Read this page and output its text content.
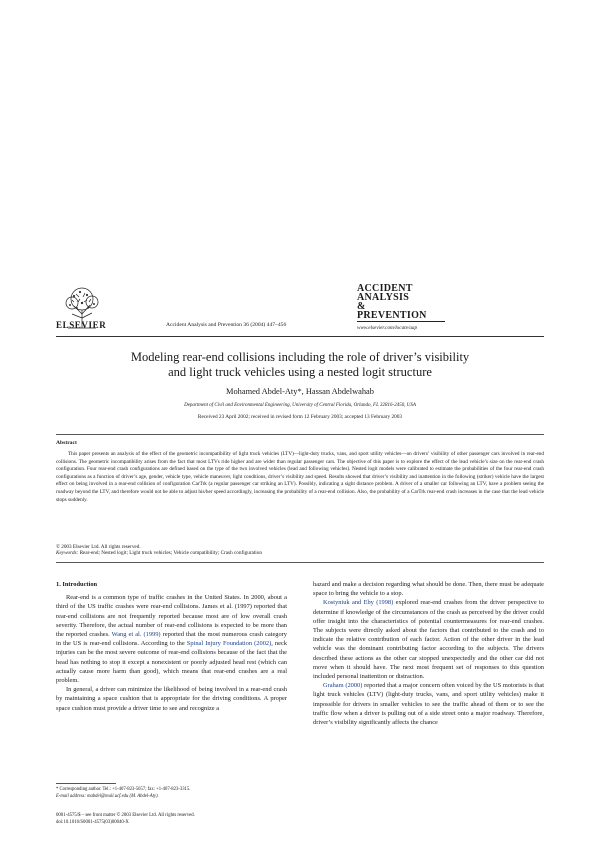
ELSEVIER	Accident Analysis and Prevention 36 (2004) 447–456
ACCIDENT
ANALYSIS
&
PREVENTION
www.elsevier.com/locate/aap
Modeling rear-end collisions including the role of driver’s visibility
and light truck vehicles using a nested logit structure
Mohamed Abdel-Aty*, Hassan Abdelwahab
Department of Civil and Environmental Engineering, University of Central Florida, Orlando, FL 32816-2450, USA
Received 23 April 2002; received in revised form 12 February 2003; accepted 13 February 2003
Abstract
This paper presents an analysis of the effect of the geometric incompatibility of light truck vehicles (LTV)—light-duty trucks, vans, and sport utility vehicles—on drivers’ visibility of other passenger cars involved in rear-end collisions. The geometric incompatibility arises from the fact that most LTVs ride higher and are wider than regular passenger cars. The objective of this paper is to explore the effect of the lead vehicle’s size on the rear-end crash configuration. Four rear-end crash configurations are defined based on the type of the two involved vehicles (lead and following vehicles). Nested logit models were calibrated to estimate the probabilities of the four rear-end crash configurations as a function of driver’s age, gender, vehicle type, vehicle maneuver, light conditions, driver’s visibility and speed. Results showed that driver’s visibility and inattention in the following (striker) vehicle have the largest effect on being involved in a rear-end collision of configuration CarTrk (a regular passenger car striking an LTV). Possibly, indicating a sight distance problem. A driver of a smaller car following an LTV, have a problem seeing the roadway beyond the LTV, and therefore would not be able to adjust his/her speed accordingly, increasing the probability of a rear-end collision. Also, the probability of a CarTrk rear-end crash increases in the case that the lead vehicle stops suddenly.
© 2003 Elsevier Ltd. All rights reserved.
Keywords: Rear-end; Nested logit; Light truck vehicles; Vehicle compatibility; Crash configuration
1. Introduction

Rear-end is a common type of traffic crashes in the United States. In 2000, about a third of the US traffic crashes were rear-end collisions. James et al. (1997) reported that rear-end collisions are not frequently reported because most are of low overall crash severity. Therefore, the actual number of rear-end collisions is expected to be more than the reported crashes. Wang et al. (1999) reported that the most numerous crash category in the US is rear-end collisions. According to the Spinal Injury Foundation (2002), neck injuries can be the most severe outcome of rear-end collisions because of the fact that the head has nothing to stop it except a nonexistent or poorly adjusted head rest (which can actually cause more harm than good), which means that rear-end crashes are a real problem.

In general, a driver can minimize the likelihood of being involved in a rear-end crash by maintaining a space cushion that is appropriate for the driving conditions. A proper space cushion must provide a driver time to see and recognize a

hazard and make a decision regarding what should be done. Then, there must be adequate space to bring the vehicle to a stop.

Kostyniuk and Eby (1998) explored rear-end crashes from the driver perspective to determine if knowledge of the circumstances of the crash as perceived by the driver could offer insight into the characteristics of potential countermeasures for rear-end crashes. The subjects were directly asked about the factors that contributed to the crash and to indicate the relative contribution of each factor. Action of the other driver in the lead vehicle was the dominant contributing factor according to the subjects. The drivers described these actions as the other car stopped unexpectedly and the other car did not move when it should have. The next most frequent set of responses to this question included personal inattention or distraction.

Graham (2000) reported that a major concern often voiced by the US motorists is that light truck vehicles (LTV) (light-duty trucks, vans, and sport utility vehicles) make it impossible for drivers in smaller vehicles to see the traffic ahead of them or to see the traffic flow when a driver is pulling out of a side street onto a major roadway. Therefore, driver’s visibility significantly affects the chance

* Corresponding author. Tel.: +1-407-823-5657; fax: +1-407-823-3315.
E-mail address: mabdel@mail.ucf.edu (M. Abdel-Aty).
0001-4575/$ – see front matter © 2003 Elsevier Ltd. All rights reserved.
doi:10.1016/S0001-4575(03)00040-X
